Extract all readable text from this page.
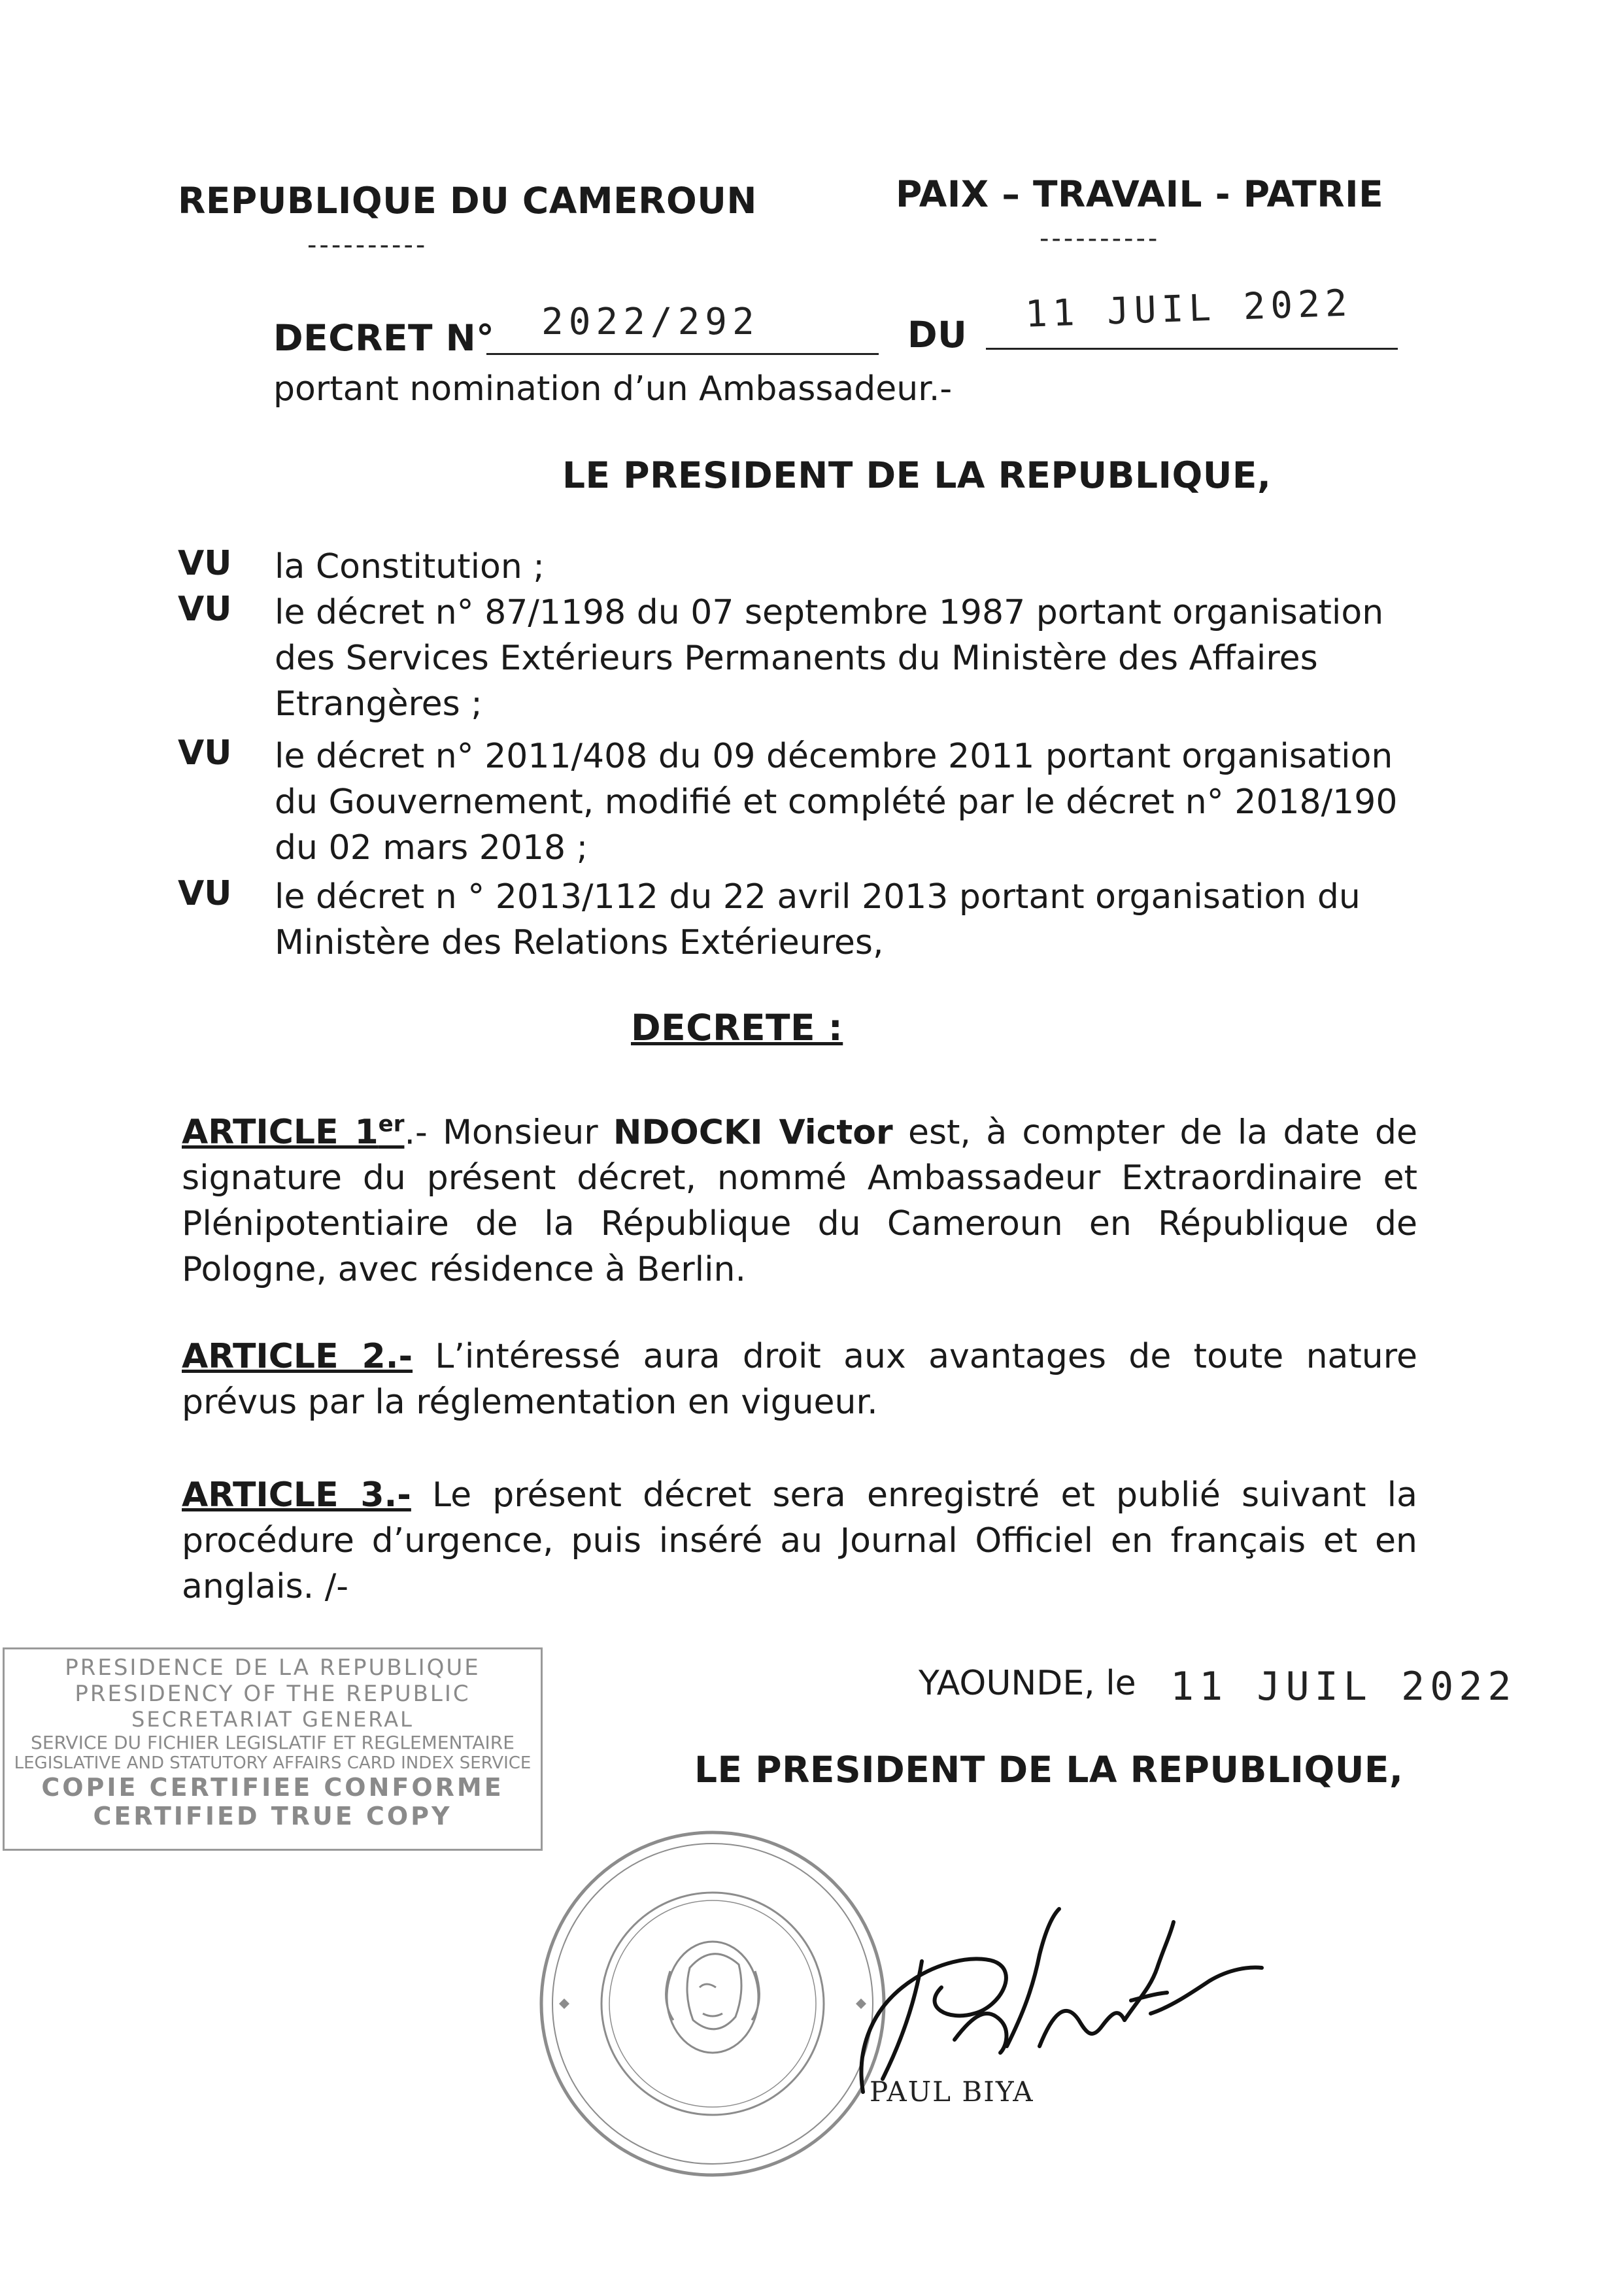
REPUBLIQUE DU CAMEROUN
----------
PAIX – TRAVAIL - PATRIE
----------
DECRET N° 2022/292	DU 11 JUIL 2022
portant nomination d’un Ambassadeur.-
LE PRESIDENT DE LA REPUBLIQUE,
VU la Constitution ;
VU le décret n° 87/1198 du 07 septembre 1987 portant organisation
des Services Extérieurs Permanents du Ministère des Affaires
Etrangères ;
VU le décret n° 2011/408 du 09 décembre 2011 portant organisation
du Gouvernement, modifié et complété par le décret n° 2018/190
du 02 mars 2018 ;
VU le décret n ° 2013/112 du 22 avril 2013 portant organisation du
Ministère des Relations Extérieures,
DECRETE :
ARTICLE 1er.- Monsieur NDOCKI Victor est, à compter de la date de signature du présent décret, nommé Ambassadeur Extraordinaire et Plénipotentiaire de la République du Cameroun en République de Pologne, avec résidence à Berlin.
ARTICLE 2.- L’intéressé aura droit aux avantages de toute nature prévus par la réglementation en vigueur.
ARTICLE 3.- Le présent décret sera enregistré et publié suivant la procédure d’urgence, puis inséré au Journal Officiel en français et en anglais. /-
YAOUNDE, le 11 JUIL 2022
LE PRESIDENT DE LA REPUBLIQUE,
PRESIDENCE DE LA REPUBLIQUE
PRESIDENCY OF THE REPUBLIC
SECRETARIAT GENERAL
SERVICE DU FICHIER LEGISLATIF ET REGLEMENTAIRE
LEGISLATIVE AND STATUTORY AFFAIRS CARD INDEX SERVICE
COPIE CERTIFIEE CONFORME
CERTIFIED TRUE COPY
PAUL BIYA
